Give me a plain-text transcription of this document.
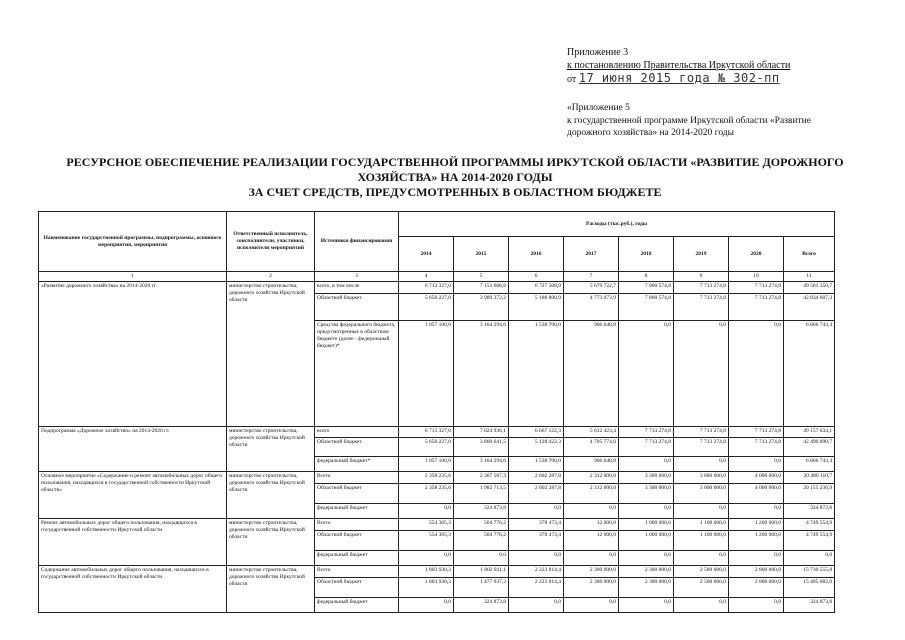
Приложение 3
к постановлению Правительства Иркутской области
от 17 июня 2015 года № 302-пп
«Приложение 5
к государственной программе Иркутской области «Развитие
дорожного хозяйства» на 2014-2020 годы
РЕСУРСНОЕ ОБЕСПЕЧЕНИЕ РЕАЛИЗАЦИИ ГОСУДАРСТВЕННОЙ ПРОГРАММЫ ИРКУТСКОЙ ОБЛАСТИ «РАЗВИТИЕ ДОРОЖНОГО
ХОЗЯЙСТВА» НА 2014-2020 ГОДЫ
ЗА СЧЕТ СРЕДСТВ, ПРЕДУСМОТРЕННЫХ В ОБЛАСТНОМ БЮДЖЕТЕ
Наименование государственной программы, подпрограммы, основного мероприятия, мероприятия	Ответственный исполнитель, соисполнители, участники, исполнители мероприятий	Источники финансирования	Расходы (тыс.руб.), годы							
			2014	2015	2016	2017	2018	2019	2020	Всего
1	2	3	4	5	6	7	8	9	10	11
«Развитие дорожного хозяйства» на 2014-2020 гг.	министерство строительства, дорожного хозяйства Иркутской области	всего, в том числе	6 713 327,0	7 153 666,8	6 727 508,9	5 679 722,7	7 800 574,8	7 713 274,8	7 713 274,8	49 501 350,7
		Областной бюджет	5 656 227,0	3 989 372,2	5 188 808,9	4 773 073,9	7 800 574,8	7 713 274,8	7 713 274,8	42 834 607,3
		Средства федерального бюджета, предусмотренные в областном бюджете (далее - федеральный бюджет)*	1 057 100,0	3 164 294,6	1 538 700,0	906 648,8	0,0	0,0	0,0	6 666 743,4
Подпрограмма «Дорожное хозяйство» на 2014-2020 гг.	министерство строительства, дорожного хозяйства Иркутской области	всего	6 713 327,0	7 024 936,1	6 667 122,3	5 612 423,4	7 713 274,8	7 713 274,8	7 713 274,8	49 157 634,1
		Областной бюджет	5 656 227,0	3 860 641,5	5 128 422,3	4 705 774,6	7 713 274,8	7 713 274,8	7 713 274,8	42 490 890,7
		федеральный бюджет*	1 057 100,0	3 164 294,6	1 538 700,0	906 648,8	0,0	0,0	0,0	6 666 743,4
Основное мероприятие «Содержание и ремонт автомобильных дорог общего пользования, находящихся в государственной собственности Иркутской области»	министерство строительства, дорожного хозяйства Иркутской области	Всего	2 358 235,6	2 307 587,3	2 602 287,8	2 312 000,0	3 300 000,0	3 600 000,0	4 000 000,0	20 480 110,7
		Областной бюджет	2 358 235,6	1 982 713,5	2 602 287,8	2 312 000,0	3 300 000,0	3 600 000,0	4 000 000,0	20 155 236,9
		федеральный бюджет	0,0	324 873,8	0,0	0,0	0,0	0,0	0,0	324 873,8
Ремонт автомобильных дорог общего пользования, находящихся в государственной собственности Иркутской области	министерство строительства, дорожного хозяйства Иркутской области	Всего	554 305,3	504 776,2	378 473,4	12 000,0	1 000 000,0	1 100 000,0	1 200 000,0	4 749 554,9
		Областной бюджет	554 305,3	504 776,2	378 473,4	12 000,0	1 000 000,0	1 100 000,0	1 200 000,0	4 749 554,9
		федеральный бюджет	0,0	0,0	0,0	0,0	0,0	0,0	0,0	0,0
Содержание автомобильных дорог общего пользования, находящихся в государственной собственности Иркутской области	министерство строительства, дорожного хозяйства Иркутской области	Всего	1 803 930,3	1 802 811,1	2 223 814,4	2 300 000,0	2 300 000,0	2 500 000,0	2 800 000,0	15 730 555,8
		Областной бюджет	1 803 930,3	1 477 937,3	2 223 814,4	2 300 000,0	2 300 000,0	2 500 000,0	2 800 000,0	15 405 682,0
		федеральный бюджет	0,0	324 873,8	0,0	0,0	0,0	0,0	0,0	324 873,8
